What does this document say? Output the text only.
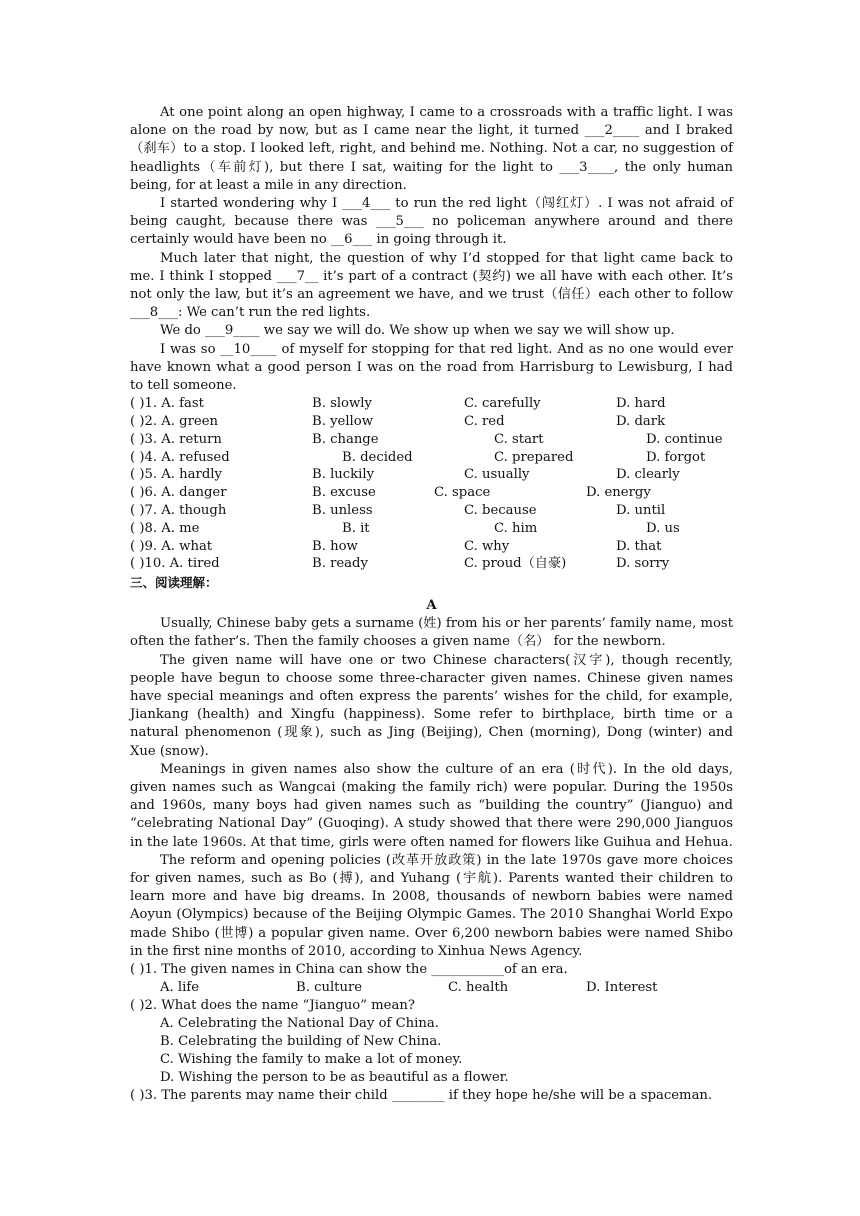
At one point along an open highway, I came to a crossroads with a traffic light. I was alone on the road by now, but as I came near the light, it turned ___2____ and I braked（刹车）to a stop. I looked left, right, and behind me. Nothing. Not a car, no suggestion of headlights（车前灯), but there I sat, waiting for the light to ___3____, the only human being, for at least a mile in any direction.

I started wondering why I ___4___ to run the red light（闯红灯）. I was not afraid of being caught, because there was ___5___ no policeman anywhere around and there certainly would have been no __6___ in going through it.

Much later that night, the question of why I’d stopped for that light came back to me. I think I stopped ___7__ it’s part of a contract (契约) we all have with each other. It’s not only the law, but it’s an agreement we have, and we trust（信任）each other to follow ___8___: We can’t run the red lights.

We do ___9____ we say we will do. We show up when we say we will show up.

I was so __10____ of myself for stopping for that red light. And as no one would ever have known what a good person I was on the road from Harrisburg to Lewisburg, I had to tell someone.

( )1. A. fast	B. slowly	C. carefully	D. hard
( )2. A. green	B. yellow	C. red	D. dark
( )3. A. return	B. change	C. start	D. continue
( )4. A. refused	B. decided	C. prepared	D. forgot
( )5. A. hardly	B. luckily	C. usually	D. clearly
( )6. A. danger	B. excuse	C. space	D. energy
( )7. A. though	B. unless	C. because	D. until
( )8. A. me	B. it	C. him	D. us
( )9. A. what	B. how	C. why	D. that
( )10. A. tired	B. ready	C. proud（自豪)	D. sorry
三、阅读理解：
A

Usually, Chinese baby gets a surname (姓) from his or her parents’ family name, most often the father’s. Then the family chooses a given name（名） for the newborn.

The given name will have one or two Chinese characters(汉字), though recently, people have begun to choose some three-character given names. Chinese given names have special meanings and often express the parents’ wishes for the child, for example, Jiankang (health) and Xingfu (happiness). Some refer to birthplace, birth time or a natural phenomenon (现象), such as Jing (Beijing), Chen (morning), Dong (winter) and Xue (snow).

Meanings in given names also show the culture of an era (时代). In the old days, given names such as Wangcai (making the family rich) were popular. During the 1950s and 1960s, many boys had given names such as “building the country” (Jianguo) and “celebrating National Day” (Guoqing). A study showed that there were 290,000 Jianguos in the late 1960s. At that time, girls were often named for flowers like Guihua and Hehua.

The reform and opening policies (改革开放政策) in the late 1970s gave more choices for given names, such as Bo (搏), and Yuhang (宇航). Parents wanted their children to learn more and have big dreams. In 2008, thousands of newborn babies were named Aoyun (Olympics) because of the Beijing Olympic Games. The 2010 Shanghai World Expo made Shibo (世博) a popular given name. Over 6,200 newborn babies were named Shibo in the first nine months of 2010, according to Xinhua News Agency.

( )1. The given names in China can show the ___________of an era.
A. life	B. culture	C. health	D. Interest
( )2. What does the name “Jianguo” mean?
A. Celebrating the National Day of China.
B. Celebrating the building of New China.
C. Wishing the family to make a lot of money.
D. Wishing the person to be as beautiful as a flower.
( )3. The parents may name their child ________ if they hope he/she will be a spaceman.
